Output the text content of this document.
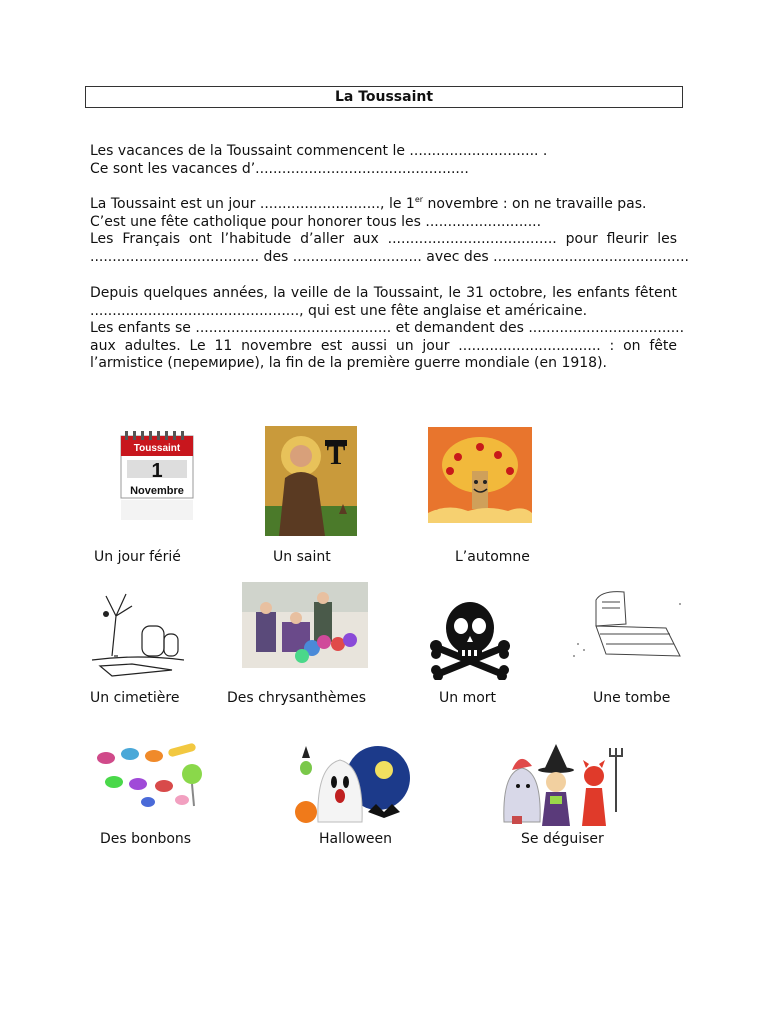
La Toussaint
Les vacances de la Toussaint commencent le ............................. .
Ce sont les vacances d’................................................
La Toussaint est un jour ..........................., le 1er novembre : on ne travaille pas.
C’est une fête catholique pour honorer tous les ..........................
Les Français ont l’habitude d’aller aux ...................................... pour fleurir les
...................................... des ............................. avec des ............................................
Depuis quelques années, la veille de la Toussaint, le 31 octobre, les enfants fêtent
..............................................., qui est une fête anglaise et américaine.
Les enfants se ............................................ et demandent des ...................................
aux adultes. Le 11 novembre est aussi un jour ................................ : on fête
l’armistice (перемирие), la fin de la première guerre mondiale (en 1918).
Toussaint
1
Novembre
T
Un jour férié	Un saint	L’automne
Un cimetière	Des chrysanthèmes	Un mort	Une tombe
Des bonbons	Halloween	Se déguiser
